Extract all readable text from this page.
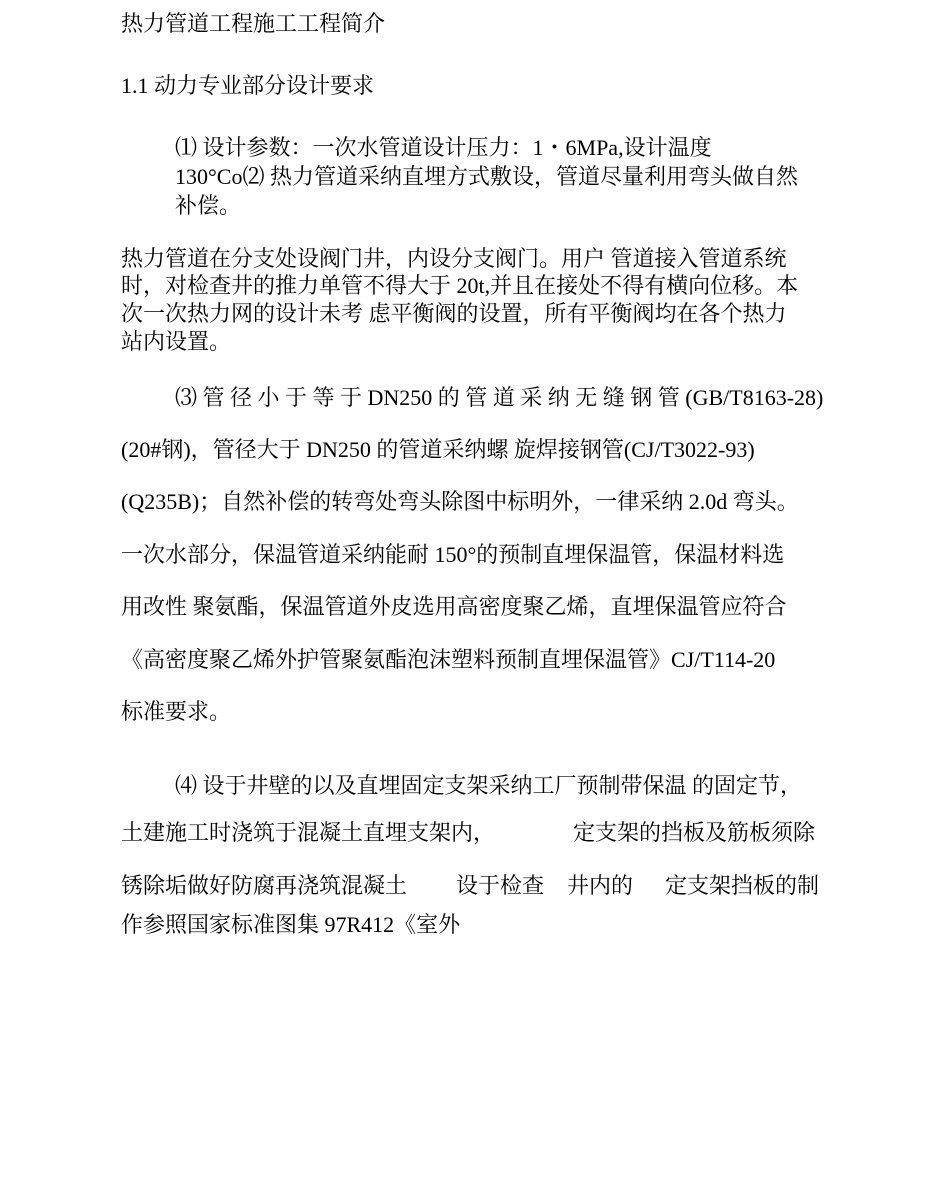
热力管道工程施工工程简介
1.1 动力专业部分设计要求
⑴ 设计参数：一次水管道设计压力：1・6MPa,设计温度
130°Co⑵ 热力管道采纳直埋方式敷设，管道尽量利用弯头做自然
补偿。
热力管道在分支处设阀门井，内设分支阀门。用户 管道接入管道系统
时，对检查井的推力单管不得大于 20t,并且在接处不得有横向位移。本
次一次热力网的设计未考 虑平衡阀的设置，所有平衡阀均在各个热力
站内设置。
⑶ 管 径 小 于 等 于 DN250 的 管 道 采 纳 无 缝 钢 管 (GB/T8163-28)
(20#钢)，管径大于 DN250 的管道采纳螺 旋焊接钢管(CJ/T3022-93)
(Q235B)；自然补偿的转弯处弯头除图中标明外，一律采纳 2.0d 弯头。
一次水部分，保温管道采纳能耐 150°的预制直埋保温管，保温材料选
用改性 聚氨酯，保温管道外皮选用高密度聚乙烯，直埋保温管应符合
《高密度聚乙烯外护管聚氨酯泡沫塑料预制直埋保温管》CJ/T114-20
标准要求。
⑷ 设于井壁的以及直埋固定支架采纳工厂预制带保温 的固定节，
土建施工时浇筑于混凝土直埋支架内，	定支架的挡板及筋板须除
锈除垢做好防腐再浇筑混凝土 设于检查 井内的 定支架挡板的制
作参照国家标准图集 97R412《室外
